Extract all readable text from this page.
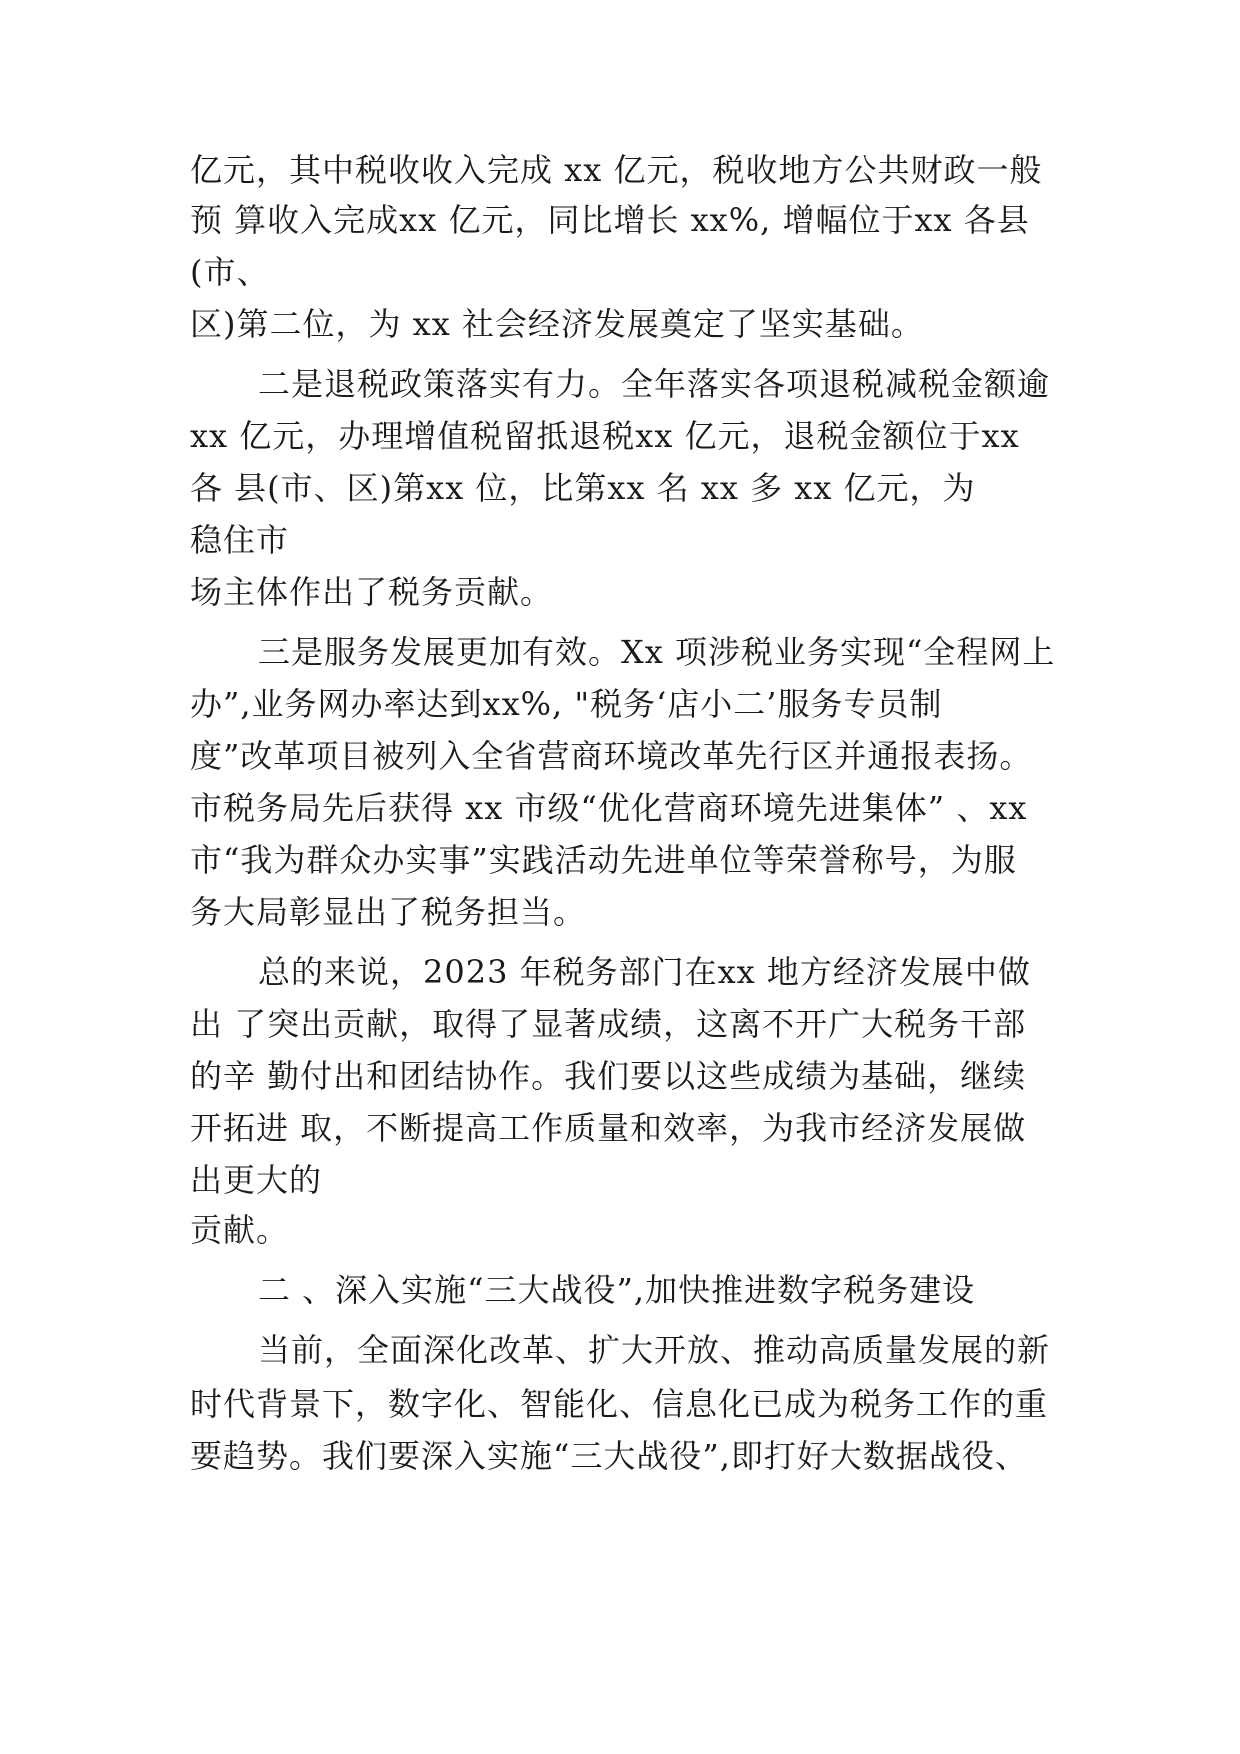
亿元，其中税收收入完成 xx 亿元，税收地方公共财政一般

预 算收入完成xx 亿元，同比增长 xx%, 增幅位于xx 各县

(市、

区)第二位，为 xx 社会经济发展奠定了坚实基础。

二是退税政策落实有力。全年落实各项退税减税金额逾

xx 亿元，办理增值税留抵退税xx 亿元，退税金额位于xx

各 县(市、区)第xx 位，比第xx 名 xx 多 xx 亿元，为

稳住市

场主体作出了税务贡献。

三是服务发展更加有效。Xx 项涉税业务实现“全程网上

办”,业务网办率达到xx%, "税务‘店小二’服务专员制

度”改革项目被列入全省营商环境改革先行区并通报表扬。

市税务局先后获得 xx 市级“优化营商环境先进集体” 、xx

市“我为群众办实事”实践活动先进单位等荣誉称号，为服

务大局彰显出了税务担当。

总的来说，2023 年税务部门在xx 地方经济发展中做

出 了突出贡献，取得了显著成绩，这离不开广大税务干部

的辛 勤付出和团结协作。我们要以这些成绩为基础，继续

开拓进 取，不断提高工作质量和效率，为我市经济发展做

出更大的

贡献。

二 、深入实施“三大战役”,加快推进数字税务建设

当前，全面深化改革、扩大开放、推动高质量发展的新

时代背景下，数字化、智能化、信息化已成为税务工作的重

要趋势。我们要深入实施“三大战役”,即打好大数据战役、
